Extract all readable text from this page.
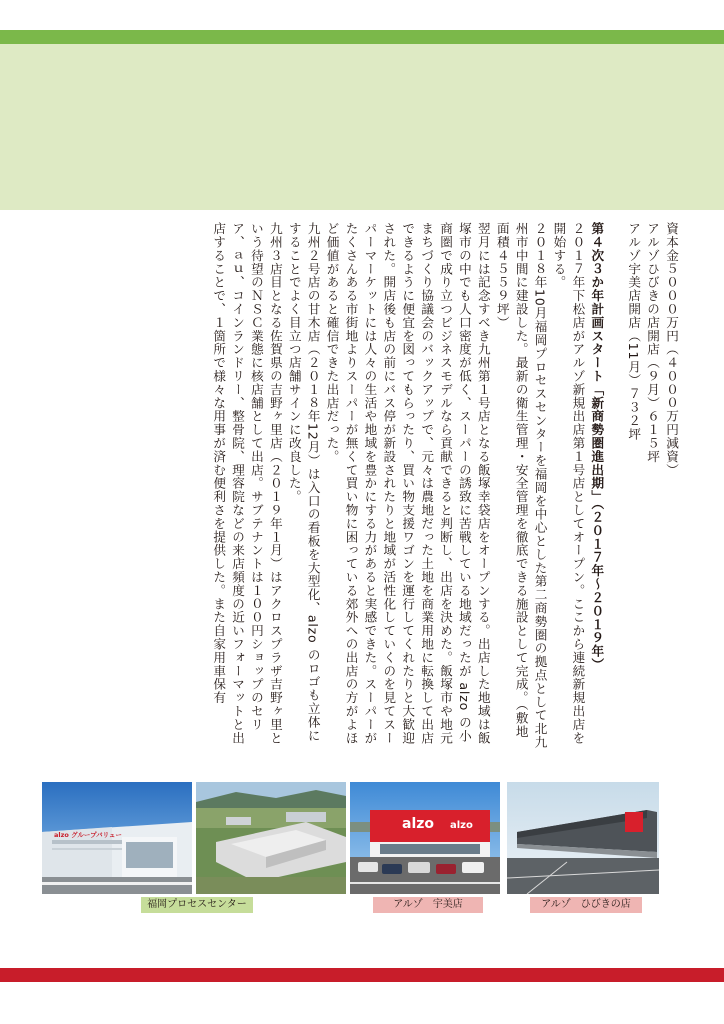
資本金５０００万円（４０００万円減資）

アルゾひびきの店開店（９月）６１５坪

アルゾ宇美店開店（11月）７３２坪

第４次３か年計画スタート「新商勢圏進出期」（２０１７年〜２０１９年）

２０１７年下松店がアルゾ新規出店第１号店としてオープン。ここから連続新規出店を開始する。

２０１８年10月福岡プロセスセンターを福岡を中心とした第二商勢圏の拠点として北九州市中間に建設した。最新の衛生管理・安全管理を徹底できる施設として完成。（敷地面積４５５９坪）

翌月には記念すべき九州第１号店となる飯塚幸袋店をオープンする。出店した地域は飯塚市の中でも人口密度が低く、スーパーの誘致に苦戦している地域だったが alzo の小商圏で成り立つビジネスモデルなら貢献できると判断し、出店を決めた。飯塚市や地元まちづくり協議会のバックアップで、元々は農地だった土地を商業用地に転換して出店できるように便宜を図ってもらったり、買い物支援ワゴンを運行してくれたりと大歓迎された。開店後も店の前にバス停が新設されたりと地域が活性化していくのを見てスーパーマーケットには人々の生活や地域を豊かにする力があると実感できた。スーパーがたくさんある市街地よりスーパーが無くて買い物に困っている郊外への出店の方がよほど価値があると確信できた出店だった。

九州２号店の甘木店（２０１８年12月）は入口の看板を大型化、alzo のロゴも立体にすることでよく目立つ店舗サインに改良した。

九州３店目となる佐賀県の吉野ヶ里店（２０１９年１月）はアクロスプラザ吉野ヶ里という待望のＮＳＣ業態に核店舗として出店。サブテナントは１００円ショップのセリア、ａｕ、コインランドリー、整骨院、理容院などの来店頻度の近いフォーマットと出店することで、１箇所で様々な用事が済む便利さを提供した。また自家用車保有

alzo グループバリュー
alzo alzo
福岡プロセスセンター	アルゾ　宇美店	アルゾ　ひびきの店
